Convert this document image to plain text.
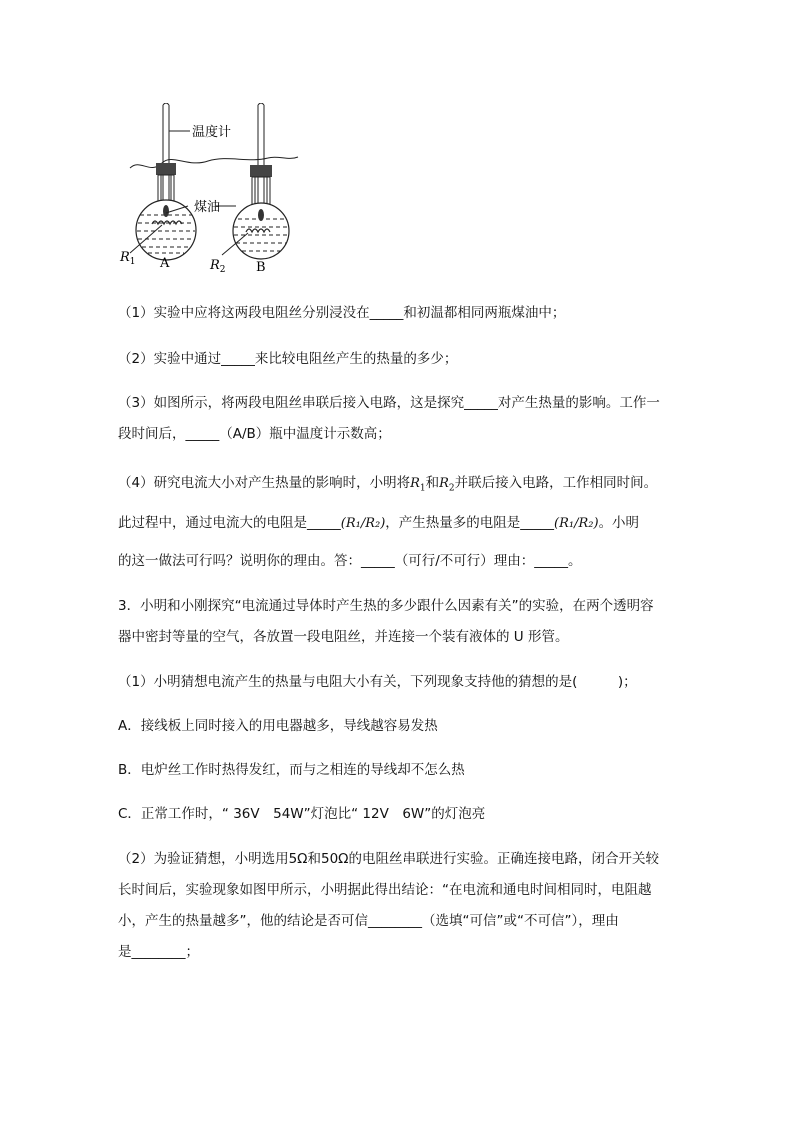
温度计
煤油
$R_1$ A	$R_2$ B
（1）实验中应将这两段电阻丝分别浸没在_____和初温都相同两瓶煤油中；
（2）实验中通过_____来比较电阻丝产生的热量的多少；
（3）如图所示，将两段电阻丝串联后接入电路，这是探究_____对产生热量的影响。工作一
段时间后，_____（A/B）瓶中温度计示数高；
（4）研究电流大小对产生热量的影响时，小明将$R_1$和$R_2$并联后接入电路，工作相同时间。
此过程中，通过电流大的电阻是_____(R₁/R₂)，产生热量多的电阻是_____(R₁/R₂)。小明
的这一做法可行吗？说明你的理由。答：_____（可行/不可行）理由：_____。
3．小明和小刚探究“电流通过导体时产生热的多少跟什么因素有关”的实验，在两个透明容
器中密封等量的空气，各放置一段电阻丝，并连接一个装有液体的 U 形管。
（1）小明猜想电流产生的热量与电阻大小有关，下列现象支持他的猜想的是(　　　)；
A．接线板上同时接入的用电器越多，导线越容易发热
B．电炉丝工作时热得发红，而与之相连的导线却不怎么热
C．正常工作时，“ 36V　54W”灯泡比“ 12V　6W”的灯泡亮
（2）为验证猜想，小明选用5Ω和50Ω的电阻丝串联进行实验。正确连接电路，闭合开关较
长时间后，实验现象如图甲所示，小明据此得出结论：“在电流和通电时间相同时，电阻越
小，产生的热量越多”，他的结论是否可信________（选填“可信”或“不可信”），理由
是________；
